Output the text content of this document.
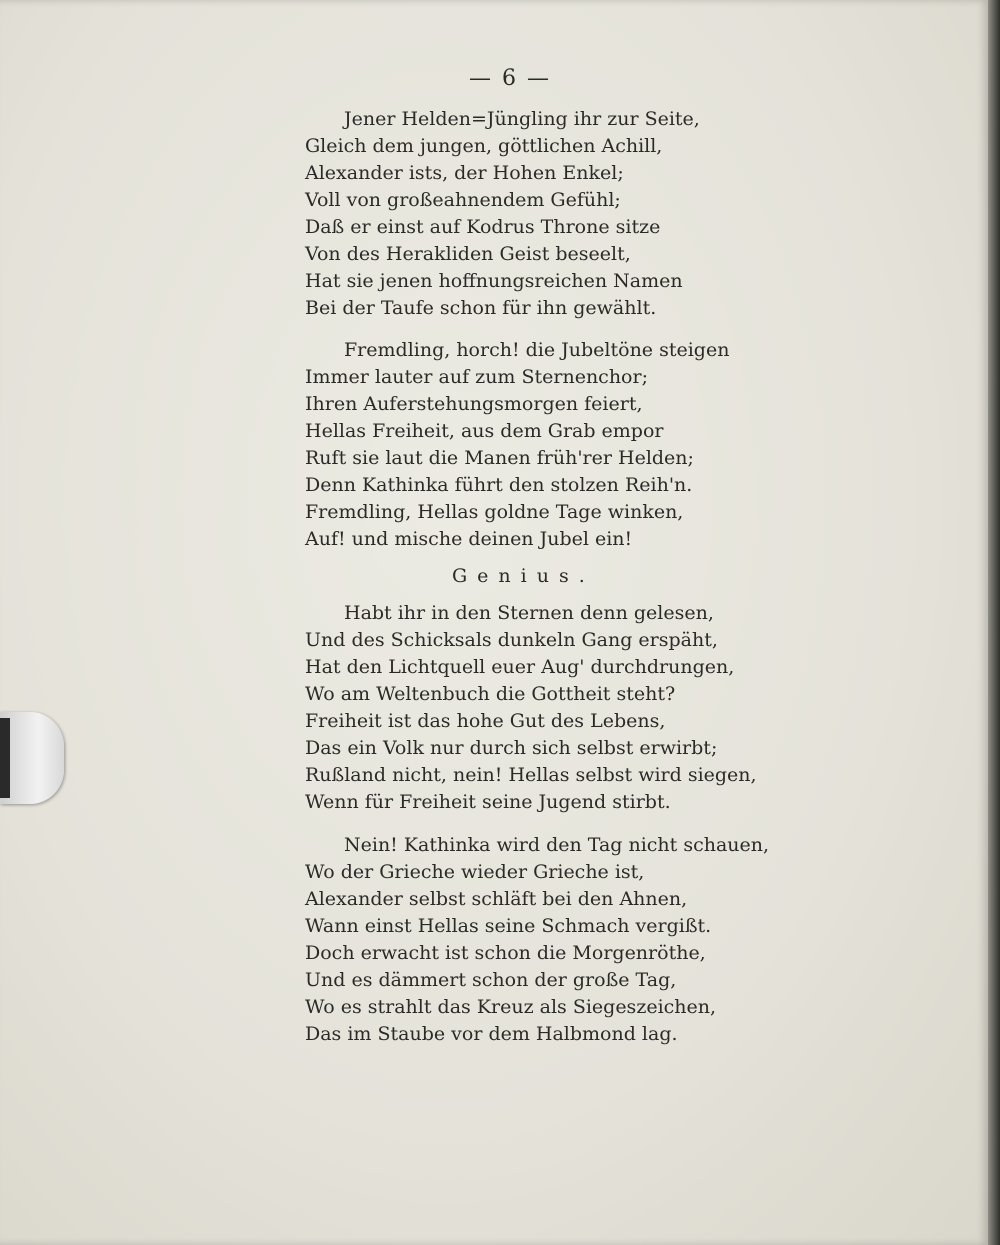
— 6 —
Jener Helden=Jüngling ihr zur Seite,
Gleich dem jungen, göttlichen Achill,
Alexander ists, der Hohen Enkel;
Voll von großeahnendem Gefühl;
Daß er einst auf Kodrus Throne sitze
Von des Herakliden Geist beseelt,
Hat sie jenen hoffnungsreichen Namen
Bei der Taufe schon für ihn gewählt.
Fremdling, horch! die Jubeltöne steigen
Immer lauter auf zum Sternenchor;
Ihren Auferstehungsmorgen feiert,
Hellas Freiheit, aus dem Grab empor
Ruft sie laut die Manen früh'rer Helden;
Denn Kathinka führt den stolzen Reih'n.
Fremdling, Hellas goldne Tage winken,
Auf! und mische deinen Jubel ein!
Genius.
Habt ihr in den Sternen denn gelesen,
Und des Schicksals dunkeln Gang erspäht,
Hat den Lichtquell euer Aug' durchdrungen,
Wo am Weltenbuch die Gottheit steht?
Freiheit ist das hohe Gut des Lebens,
Das ein Volk nur durch sich selbst erwirbt;
Rußland nicht, nein! Hellas selbst wird siegen,
Wenn für Freiheit seine Jugend stirbt.
Nein! Kathinka wird den Tag nicht schauen,
Wo der Grieche wieder Grieche ist,
Alexander selbst schläft bei den Ahnen,
Wann einst Hellas seine Schmach vergißt.
Doch erwacht ist schon die Morgenröthe,
Und es dämmert schon der große Tag,
Wo es strahlt das Kreuz als Siegeszeichen,
Das im Staube vor dem Halbmond lag.
